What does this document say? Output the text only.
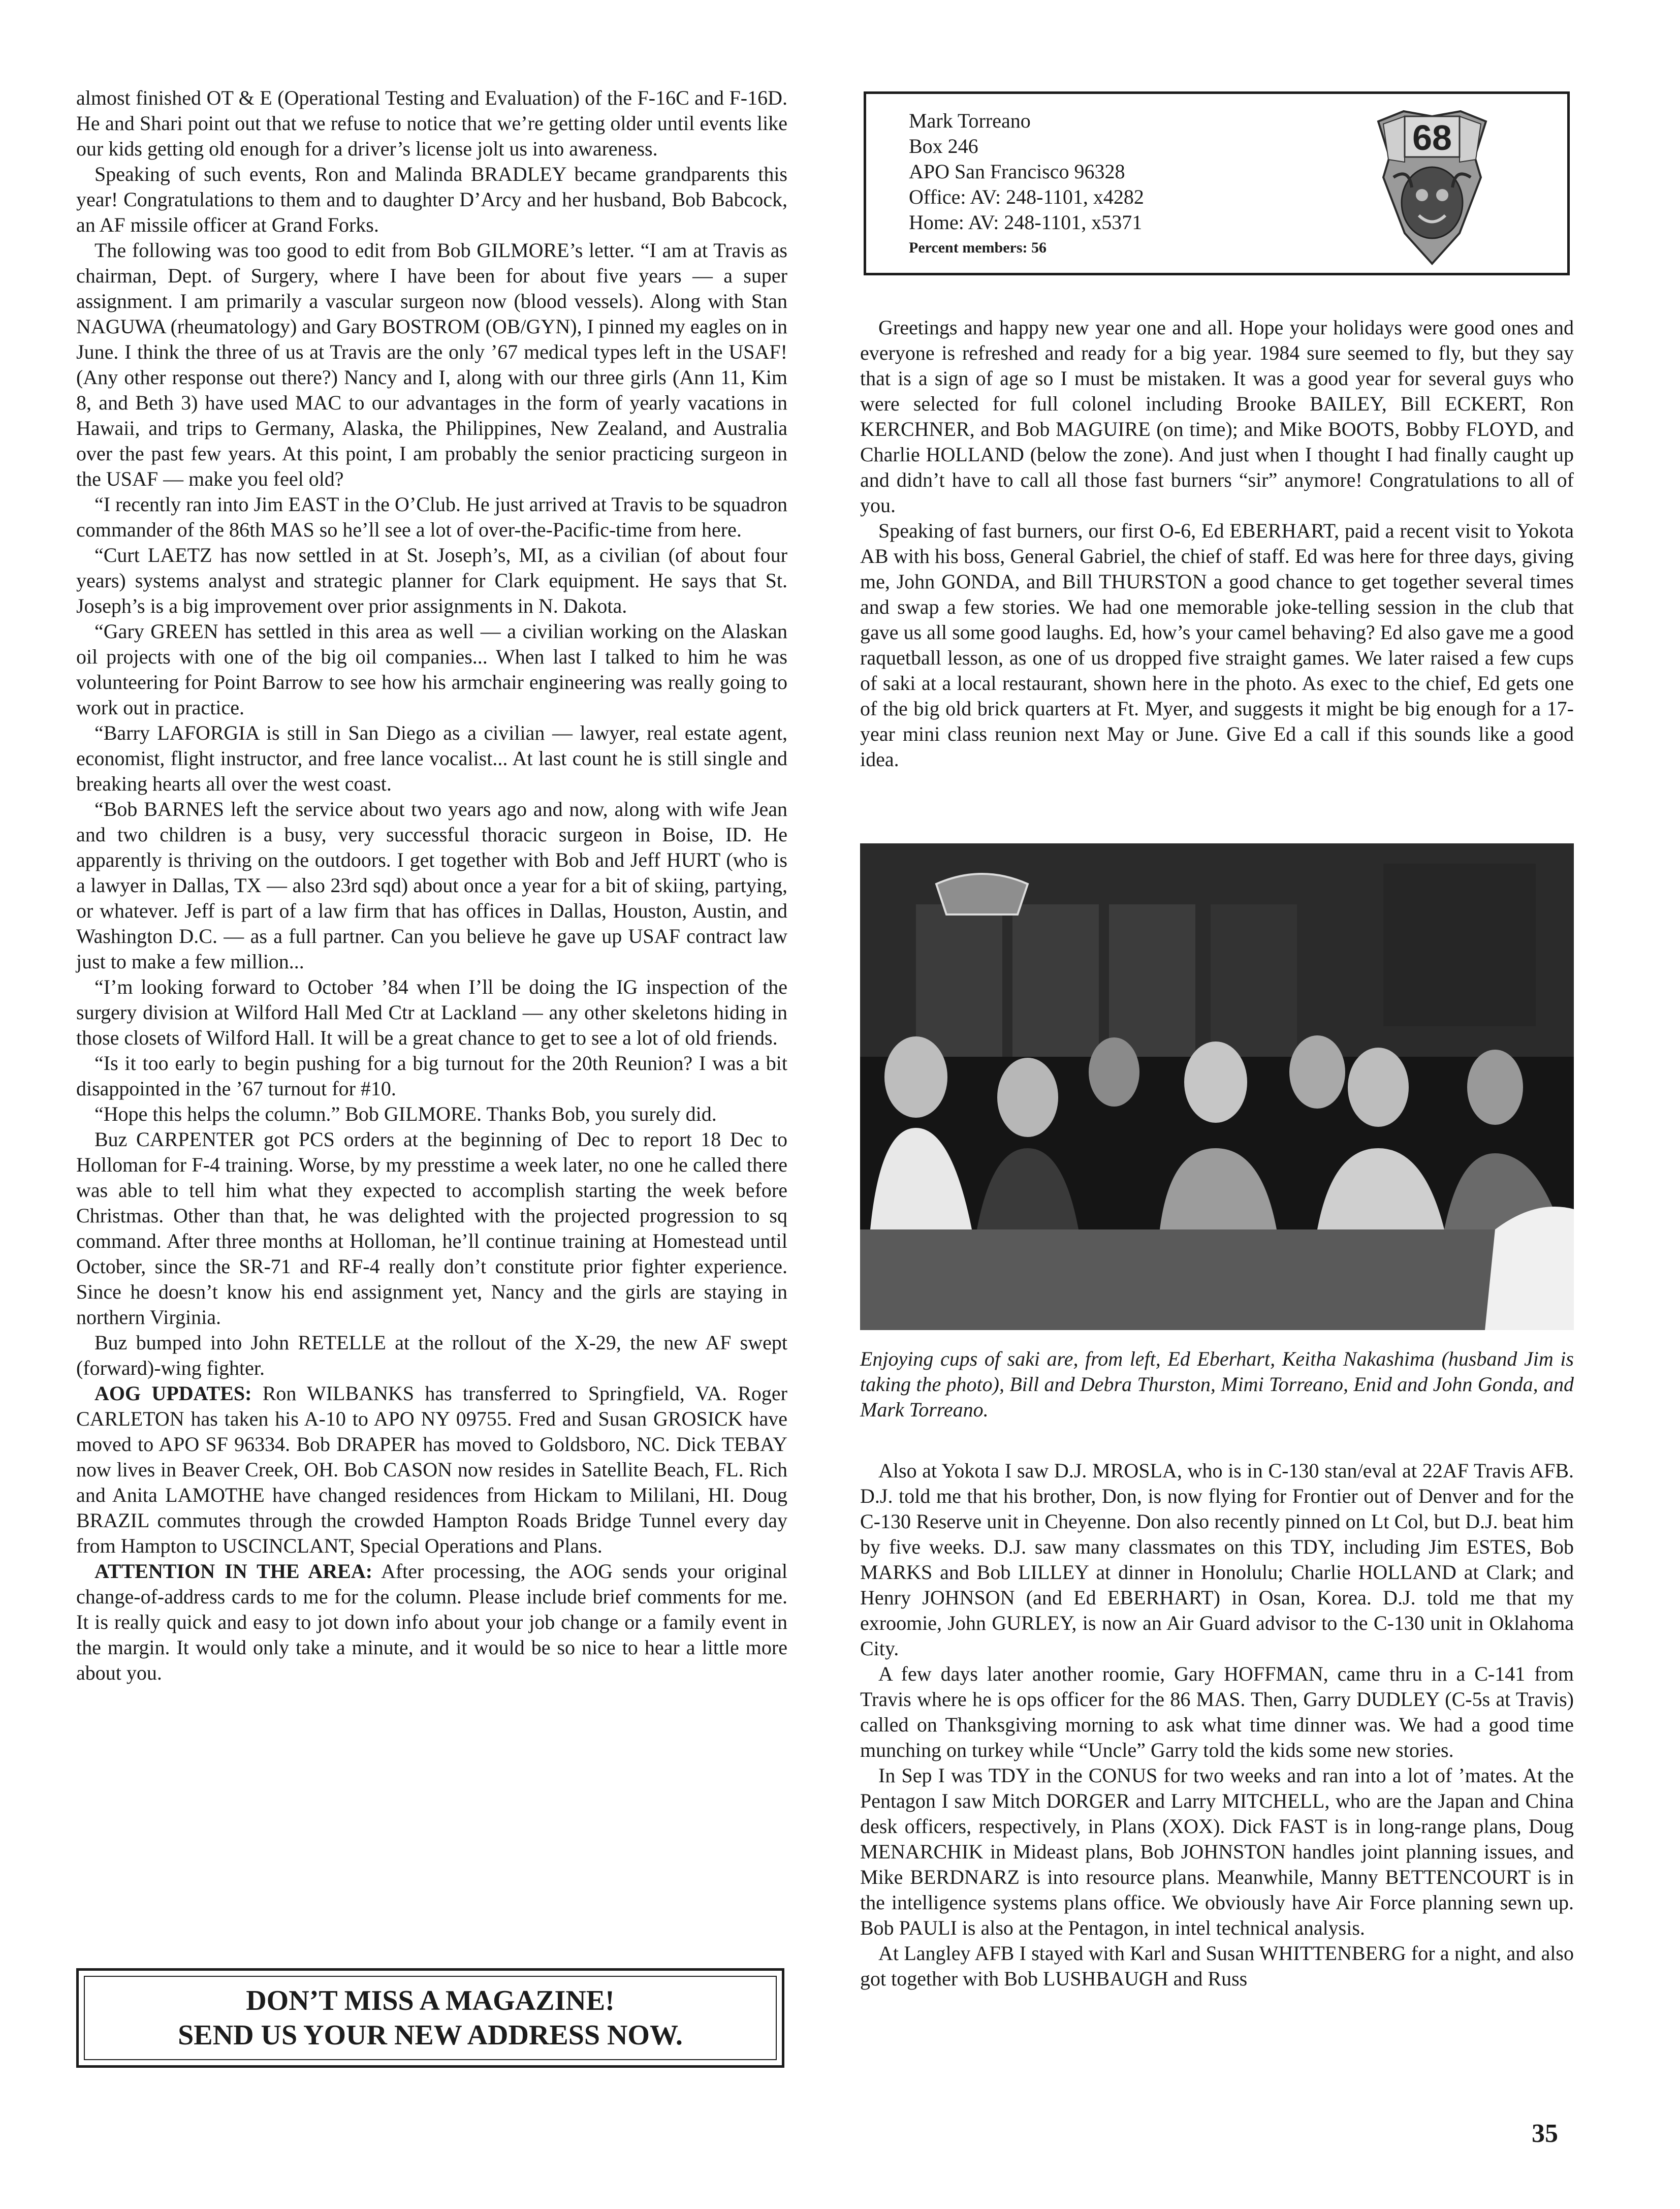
almost finished OT & E (Operational Testing and Evaluation) of the F-16C and F-16D. He and Shari point out that we refuse to notice that we’re getting older until events like our kids getting old enough for a driver’s license jolt us into awareness.

Speaking of such events, Ron and Malinda BRADLEY became grandparents this year! Congratulations to them and to daughter D’Arcy and her husband, Bob Babcock, an AF missile officer at Grand Forks.

The following was too good to edit from Bob GILMORE’s letter. “I am at Travis as chairman, Dept. of Surgery, where I have been for about five years — a super assignment. I am primarily a vascular surgeon now (blood vessels). Along with Stan NAGUWA (rheumatology) and Gary BOSTROM (OB/GYN), I pinned my eagles on in June. I think the three of us at Travis are the only ’67 medical types left in the USAF! (Any other response out there?) Nancy and I, along with our three girls (Ann 11, Kim 8, and Beth 3) have used MAC to our advantages in the form of yearly vacations in Hawaii, and trips to Germany, Alaska, the Philippines, New Zealand, and Australia over the past few years. At this point, I am probably the senior practicing surgeon in the USAF — make you feel old?

“I recently ran into Jim EAST in the O’Club. He just arrived at Travis to be squadron commander of the 86th MAS so he’ll see a lot of over-the-Pacific-time from here.

“Curt LAETZ has now settled in at St. Joseph’s, MI, as a civilian (of about four years) systems analyst and strategic planner for Clark equipment. He says that St. Joseph’s is a big improvement over prior assignments in N. Dakota.

“Gary GREEN has settled in this area as well — a civilian working on the Alaskan oil projects with one of the big oil companies... When last I talked to him he was volunteering for Point Barrow to see how his armchair engineering was really going to work out in practice.

“Barry LAFORGIA is still in San Diego as a civilian — lawyer, real estate agent, economist, flight instructor, and free lance vocalist... At last count he is still single and breaking hearts all over the west coast.

“Bob BARNES left the service about two years ago and now, along with wife Jean and two children is a busy, very successful thoracic surgeon in Boise, ID. He apparently is thriving on the outdoors. I get together with Bob and Jeff HURT (who is a lawyer in Dallas, TX — also 23rd sqd) about once a year for a bit of skiing, partying, or whatever. Jeff is part of a law firm that has offices in Dallas, Houston, Austin, and Washington D.C. — as a full partner. Can you believe he gave up USAF contract law just to make a few million...

“I’m looking forward to October ’84 when I’ll be doing the IG inspection of the surgery division at Wilford Hall Med Ctr at Lackland — any other skeletons hiding in those closets of Wilford Hall. It will be a great chance to get to see a lot of old friends.

“Is it too early to begin pushing for a big turnout for the 20th Reunion? I was a bit disappointed in the ’67 turnout for #10.

“Hope this helps the column.” Bob GILMORE. Thanks Bob, you surely did.

Buz CARPENTER got PCS orders at the beginning of Dec to report 18 Dec to Holloman for F-4 training. Worse, by my presstime a week later, no one he called there was able to tell him what they expected to accomplish starting the week before Christmas. Other than that, he was delighted with the projected progression to sq command. After three months at Holloman, he’ll continue training at Homestead until October, since the SR-71 and RF-4 really don’t constitute prior fighter experience. Since he doesn’t know his end assignment yet, Nancy and the girls are staying in northern Virginia.

Buz bumped into John RETELLE at the rollout of the X-29, the new AF swept (forward)-wing fighter.

AOG UPDATES: Ron WILBANKS has transferred to Springfield, VA. Roger CARLETON has taken his A-10 to APO NY 09755. Fred and Susan GROSICK have moved to APO SF 96334. Bob DRAPER has moved to Goldsboro, NC. Dick TEBAY now lives in Beaver Creek, OH. Bob CASON now resides in Satellite Beach, FL. Rich and Anita LAMOTHE have changed residences from Hickam to Mililani, HI. Doug BRAZIL commutes through the crowded Hampton Roads Bridge Tunnel every day from Hampton to USCINCLANT, Special Operations and Plans.

ATTENTION IN THE AREA: After processing, the AOG sends your original change-of-address cards to me for the column. Please include brief comments for me. It is really quick and easy to jot down info about your job change or a family event in the margin. It would only take a minute, and it would be so nice to hear a little more about you.

DON’T MISS A MAGAZINE!
SEND US YOUR NEW ADDRESS NOW.
Mark Torreano
Box 246
APO San Francisco 96328
Office: AV: 248-1101, x4282
Home: AV: 248-1101, x5371
Percent members: 56
68

Greetings and happy new year one and all. Hope your holidays were good ones and everyone is refreshed and ready for a big year. 1984 sure seemed to fly, but they say that is a sign of age so I must be mistaken. It was a good year for several guys who were selected for full colonel including Brooke BAILEY, Bill ECKERT, Ron KERCHNER, and Bob MAGUIRE (on time); and Mike BOOTS, Bobby FLOYD, and Charlie HOLLAND (below the zone). And just when I thought I had finally caught up and didn’t have to call all those fast burners “sir” anymore! Congratulations to all of you.

Speaking of fast burners, our first O-6, Ed EBERHART, paid a recent visit to Yokota AB with his boss, General Gabriel, the chief of staff. Ed was here for three days, giving me, John GONDA, and Bill THURSTON a good chance to get together several times and swap a few stories. We had one memorable joke-telling session in the club that gave us all some good laughs. Ed, how’s your camel behaving? Ed also gave me a good raquetball lesson, as one of us dropped five straight games. We later raised a few cups of saki at a local restaurant, shown here in the photo. As exec to the chief, Ed gets one of the big old brick quarters at Ft. Myer, and suggests it might be big enough for a 17-year mini class reunion next May or June. Give Ed a call if this sounds like a good idea.

Enjoying cups of saki are, from left, Ed Eberhart, Keitha Nakashima (husband Jim is taking the photo), Bill and Debra Thurston, Mimi Torreano, Enid and John Gonda, and Mark Torreano.

Also at Yokota I saw D.J. MROSLA, who is in C-130 stan/eval at 22AF Travis AFB. D.J. told me that his brother, Don, is now flying for Frontier out of Denver and for the C-130 Reserve unit in Cheyenne. Don also recently pinned on Lt Col, but D.J. beat him by five weeks. D.J. saw many classmates on this TDY, including Jim ESTES, Bob MARKS and Bob LILLEY at dinner in Honolulu; Charlie HOLLAND at Clark; and Henry JOHNSON (and Ed EBERHART) in Osan, Korea. D.J. told me that my exroomie, John GURLEY, is now an Air Guard advisor to the C-130 unit in Oklahoma City.

A few days later another roomie, Gary HOFFMAN, came thru in a C-141 from Travis where he is ops officer for the 86 MAS. Then, Garry DUDLEY (C-5s at Travis) called on Thanksgiving morning to ask what time dinner was. We had a good time munching on turkey while “Uncle” Garry told the kids some new stories.

In Sep I was TDY in the CONUS for two weeks and ran into a lot of ’mates. At the Pentagon I saw Mitch DORGER and Larry MITCHELL, who are the Japan and China desk officers, respectively, in Plans (XOX). Dick FAST is in long-range plans, Doug MENARCHIK in Mideast plans, Bob JOHNSTON handles joint planning issues, and Mike BERDNARZ is into resource plans. Meanwhile, Manny BETTENCOURT is in the intelligence systems plans office. We obviously have Air Force planning sewn up. Bob PAULI is also at the Pentagon, in intel technical analysis.

At Langley AFB I stayed with Karl and Susan WHITTENBERG for a night, and also got together with Bob LUSHBAUGH and Russ

35
